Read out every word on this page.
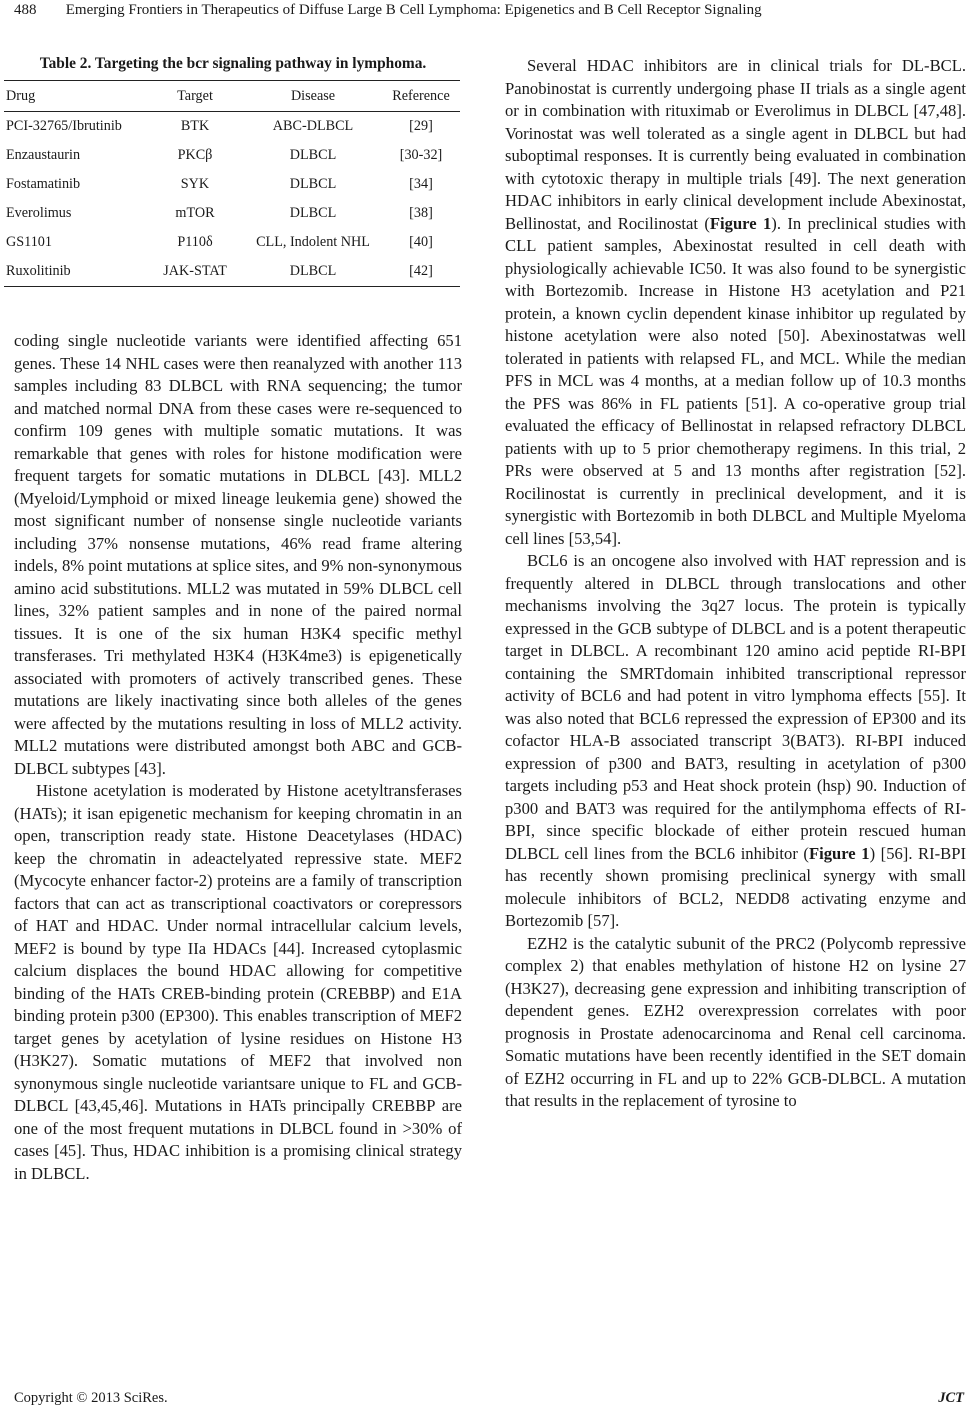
488 Emerging Frontiers in Therapeutics of Diffuse Large B Cell Lymphoma: Epigenetics and B Cell Receptor Signaling
Table 2. Targeting the bcr signaling pathway in lymphoma.
Drug	Target	Disease	Reference
PCI-32765/Ibrutinib	BTK	ABC-DLBCL	[29]
Enzaustaurin	PKCβ	DLBCL	[30-32]
Fostamatinib	SYK	DLBCL	[34]
Everolimus	mTOR	DLBCL	[38]
GS1101	P110δ	CLL, Indolent NHL	[40]
Ruxolitinib	JAK-STAT	DLBCL	[42]

coding single nucleotide variants were identified affecting 651 genes. These 14 NHL cases were then reanalyzed with another 113 samples including 83 DLBCL with RNA sequencing; the tumor and matched normal DNA from these cases were re-sequenced to confirm 109 genes with multiple somatic mutations. It was remarkable that genes with roles for histone modification were frequent targets for somatic mutations in DLBCL [43]. MLL2 (Myeloid/Lymphoid or mixed lineage leukemia gene) showed the most significant number of nonsense single nucleotide variants including 37% nonsense mutations, 46% read frame altering indels, 8% point mutations at splice sites, and 9% non-synonymous amino acid substitutions. MLL2 was mutated in 59% DLBCL cell lines, 32% patient samples and in none of the paired normal tissues. It is one of the six human H3K4 specific methyl transferases. Tri methylated H3K4 (H3K4me3) is epigenetically associated with promoters of actively transcribed genes. These mutations are likely inactivating since both alleles of the genes were affected by the mutations resulting in loss of MLL2 activity. MLL2 mutations were distributed amongst both ABC and GCB-DLBCL subtypes [43].

Histone acetylation is moderated by Histone acetyltransferases (HATs); it isan epigenetic mechanism for keeping chromatin in an open, transcription ready state. Histone Deacetylases (HDAC) keep the chromatin in adeactelyated repressive state. MEF2 (Mycocyte enhancer factor-2) proteins are a family of transcription factors that can act as transcriptional coactivators or corepressors of HAT and HDAC. Under normal intracellular calcium levels, MEF2 is bound by type IIa HDACs [44]. Increased cytoplasmic calcium displaces the bound HDAC allowing for competitive binding of the HATs CREB-binding protein (CREBBP) and E1A binding protein p300 (EP300). This enables transcription of MEF2 target genes by acetylation of lysine residues on Histone H3 (H3K27). Somatic mutations of MEF2 that involved non synonymous single nucleotide variantsare unique to FL and GCB-DLBCL [43,45,46]. Mutations in HATs principally CREBBP are one of the most frequent mutations in DLBCL found in >30% of cases [45]. Thus, HDAC inhibition is a promising clinical strategy in DLBCL.

Several HDAC inhibitors are in clinical trials for DL-BCL. Panobinostat is currently undergoing phase II trials as a single agent or in combination with rituximab or Everolimus in DLBCL [47,48]. Vorinostat was well tolerated as a single agent in DLBCL but had suboptimal responses. It is currently being evaluated in combination with cytotoxic therapy in multiple trials [49]. The next generation HDAC inhibitors in early clinical development include Abexinostat, Bellinostat, and Rocilinostat (Figure 1). In preclinical studies with CLL patient samples, Abexinostat resulted in cell death with physiologically achievable IC50. It was also found to be synergistic with Bortezomib. Increase in Histone H3 acetylation and P21 protein, a known cyclin dependent kinase inhibitor up regulated by histone acetylation were also noted [50]. Abexinostatwas well tolerated in patients with relapsed FL, and MCL. While the median PFS in MCL was 4 months, at a median follow up of 10.3 months the PFS was 86% in FL patients [51]. A co-operative group trial evaluated the efficacy of Bellinostat in relapsed refractory DLBCL patients with up to 5 prior chemotherapy regimens. In this trial, 2 PRs were observed at 5 and 13 months after registration [52]. Rocilinostat is currently in preclinical development, and it is synergistic with Bortezomib in both DLBCL and Multiple Myeloma cell lines [53,54].

BCL6 is an oncogene also involved with HAT repression and is frequently altered in DLBCL through translocations and other mechanisms involving the 3q27 locus. The protein is typically expressed in the GCB subtype of DLBCL and is a potent therapeutic target in DLBCL. A recombinant 120 amino acid peptide RI-BPI containing the SMRTdomain inhibited transcriptional repressor activity of BCL6 and had potent in vitro lymphoma effects [55]. It was also noted that BCL6 repressed the expression of EP300 and its cofactor HLA-B associated transcript 3(BAT3). RI-BPI induced expression of p300 and BAT3, resulting in acetylation of p300 targets including p53 and Heat shock protein (hsp) 90. Induction of p300 and BAT3 was required for the antilymphoma effects of RI-BPI, since specific blockade of either protein rescued human DLBCL cell lines from the BCL6 inhibitor (Figure 1) [56]. RI-BPI has recently shown promising preclinical synergy with small molecule inhibitors of BCL2, NEDD8 activating enzyme and Bortezomib [57].

EZH2 is the catalytic subunit of the PRC2 (Polycomb repressive complex 2) that enables methylation of histone H2 on lysine 27 (H3K27), decreasing gene expression and inhibiting transcription of dependent genes. EZH2 overexpression correlates with poor prognosis in Prostate adenocarcinoma and Renal cell carcinoma. Somatic mutations have been recently identified in the SET domain of EZH2 occurring in FL and up to 22% GCB-DLBCL. A mutation that results in the replacement of tyrosine to

Copyright © 2013 SciRes.	JCT
